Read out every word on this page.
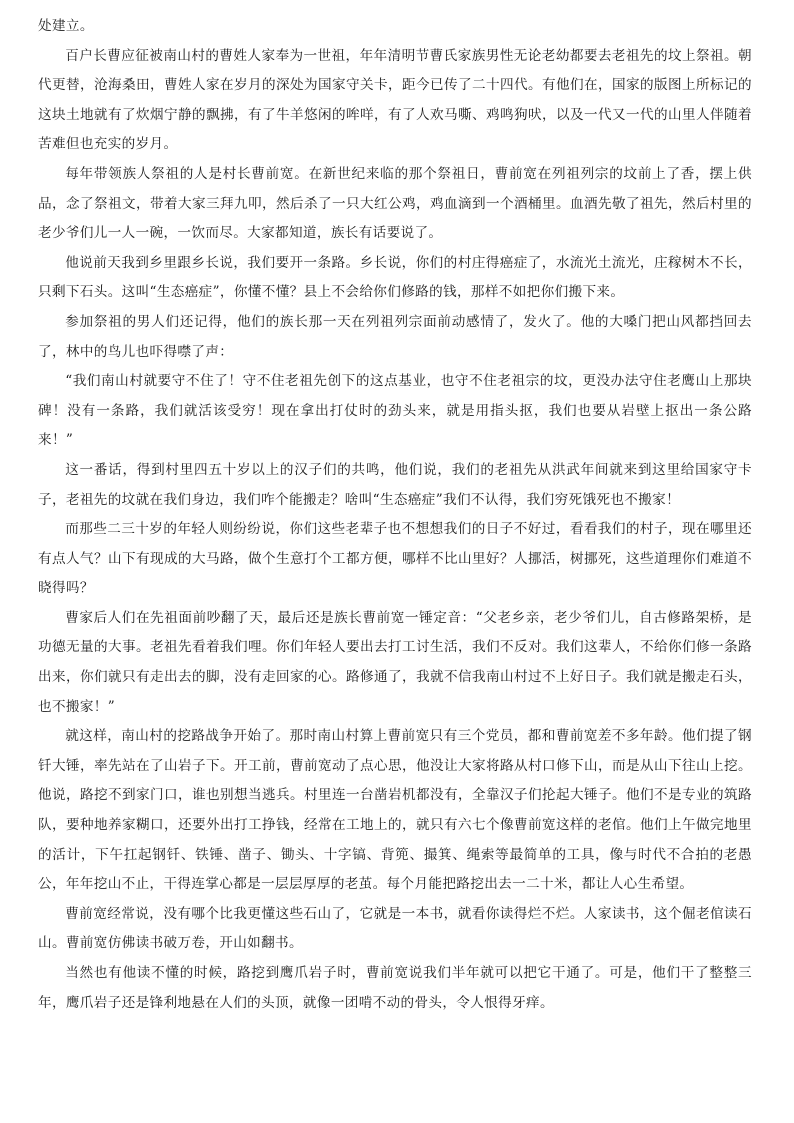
处建立。

百户长曹应征被南山村的曹姓人家奉为一世祖，年年清明节曹氏家族男性无论老幼都要去老祖先的坟上祭祖。朝代更替，沧海桑田，曹姓人家在岁月的深处为国家守关卡，距今已传了二十四代。有他们在，国家的版图上所标记的这块土地就有了炊烟宁静的飘拂，有了牛羊悠闲的哞咩，有了人欢马嘶、鸡鸣狗吠，以及一代又一代的山里人伴随着苦难但也充实的岁月。

每年带领族人祭祖的人是村长曹前宽。在新世纪来临的那个祭祖日，曹前宽在列祖列宗的坟前上了香，摆上供品，念了祭祖文，带着大家三拜九叩，然后杀了一只大红公鸡，鸡血滴到一个酒桶里。血酒先敬了祖先，然后村里的老少爷们儿一人一碗，一饮而尽。大家都知道，族长有话要说了。

他说前天我到乡里跟乡长说，我们要开一条路。乡长说，你们的村庄得癌症了，水流光土流光，庄稼树木不长，只剩下石头。这叫“生态癌症”，你懂不懂？县上不会给你们修路的钱，那样不如把你们搬下来。

参加祭祖的男人们还记得，他们的族长那一天在列祖列宗面前动感情了，发火了。他的大嗓门把山风都挡回去了，林中的鸟儿也吓得噤了声：

“我们南山村就要守不住了！守不住老祖先创下的这点基业，也守不住老祖宗的坟，更没办法守住老鹰山上那块碑！没有一条路，我们就活该受穷！现在拿出打仗时的劲头来，就是用指头抠，我们也要从岩壁上抠出一条公路来！”

这一番话，得到村里四五十岁以上的汉子们的共鸣，他们说，我们的老祖先从洪武年间就来到这里给国家守卡子，老祖先的坟就在我们身边，我们咋个能搬走？啥叫“生态癌症”我们不认得，我们穷死饿死也不搬家！

而那些二三十岁的年轻人则纷纷说，你们这些老辈子也不想想我们的日子不好过，看看我们的村子，现在哪里还有点人气？山下有现成的大马路，做个生意打个工都方便，哪样不比山里好？人挪活，树挪死，这些道理你们难道不晓得吗？

曹家后人们在先祖面前吵翻了天，最后还是族长曹前宽一锤定音：“父老乡亲，老少爷们儿，自古修路架桥，是功德无量的大事。老祖先看着我们哩。你们年轻人要出去打工讨生活，我们不反对。我们这辈人，不给你们修一条路出来，你们就只有走出去的脚，没有走回家的心。路修通了，我就不信我南山村过不上好日子。我们就是搬走石头，也不搬家！”

就这样，南山村的挖路战争开始了。那时南山村算上曹前宽只有三个党员，都和曹前宽差不多年龄。他们提了钢钎大锤，率先站在了山岩子下。开工前，曹前宽动了点心思，他没让大家将路从村口修下山，而是从山下往山上挖。他说，路挖不到家门口，谁也别想当逃兵。村里连一台凿岩机都没有，全靠汉子们抡起大锤子。他们不是专业的筑路队，要种地养家糊口，还要外出打工挣钱，经常在工地上的，就只有六七个像曹前宽这样的老倌。他们上午做完地里的活计，下午扛起钢钎、铁锤、凿子、锄头、十字镐、背篼、撮箕、绳索等最简单的工具，像与时代不合拍的老愚公，年年挖山不止，干得连掌心都是一层层厚厚的老茧。每个月能把路挖出去一二十米，都让人心生希望。

曹前宽经常说，没有哪个比我更懂这些石山了，它就是一本书，就看你读得烂不烂。人家读书，这个倔老倌读石山。曹前宽仿佛读书破万卷，开山如翻书。

当然也有他读不懂的时候，路挖到鹰爪岩子时，曹前宽说我们半年就可以把它干通了。可是，他们干了整整三年，鹰爪岩子还是锋利地悬在人们的头顶，就像一团啃不动的骨头，令人恨得牙痒。
